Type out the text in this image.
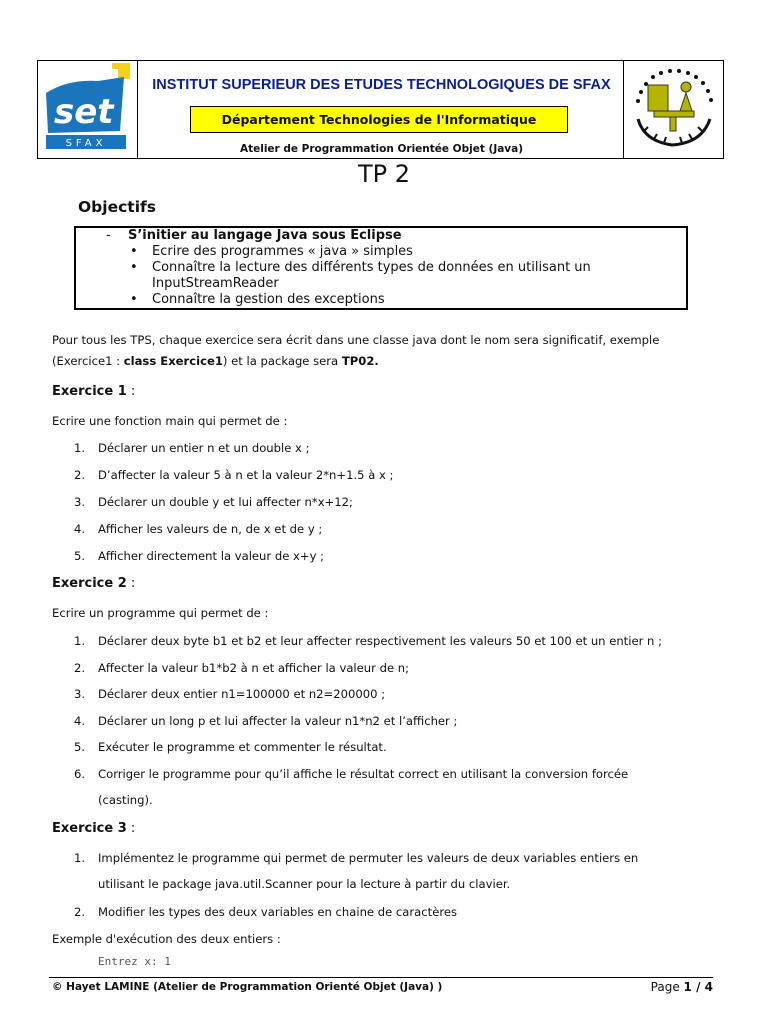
set
SFAX
INSTITUT SUPERIEUR DES ETUDES TECHNOLOGIQUES DE SFAX
Département Technologies de l'Informatique
Atelier de Programmation Orientée Objet (Java)
TP 2
Objectifs
- S’initier au langage Java sous Eclipse
• Ecrire des programmes « java » simples
• Connaître la lecture des différents types de données en utilisant un
InputStreamReader
• Connaître la gestion des exceptions
Pour tous les TPS, chaque exercice sera écrit dans une classe java dont le nom sera significatif, exemple
(Exercice1 : class Exercice1) et la package sera TP02.
Exercice 1 :
Ecrire une fonction main qui permet de :
1. Déclarer un entier n et un double x ;
2. D’affecter la valeur 5 à n et la valeur 2*n+1.5 à x ;
3. Déclarer un double y et lui affecter n*x+12;
4. Afficher les valeurs de n, de x et de y ;
5. Afficher directement la valeur de x+y ;
Exercice 2 :
Ecrire un programme qui permet de :
1. Déclarer deux byte b1 et b2 et leur affecter respectivement les valeurs 50 et 100 et un entier n ;
2. Affecter la valeur b1*b2 à n et afficher la valeur de n;
3. Déclarer deux entier n1=100000 et n2=200000 ;
4. Déclarer un long p et lui affecter la valeur n1*n2 et l’afficher ;
5. Exécuter le programme et commenter le résultat.
6. Corriger le programme pour qu’il affiche le résultat correct en utilisant la conversion forcée
(casting).
Exercice 3 :
1. Implémentez le programme qui permet de permuter les valeurs de deux variables entiers en
utilisant le package java.util.Scanner pour la lecture à partir du clavier.
2. Modifier les types des deux variables en chaine de caractères
Exemple d'exécution des deux entiers :
Entrez x: 1
© Hayet LAMINE (Atelier de Programmation Orienté Objet (Java) )	Page 1 / 4
